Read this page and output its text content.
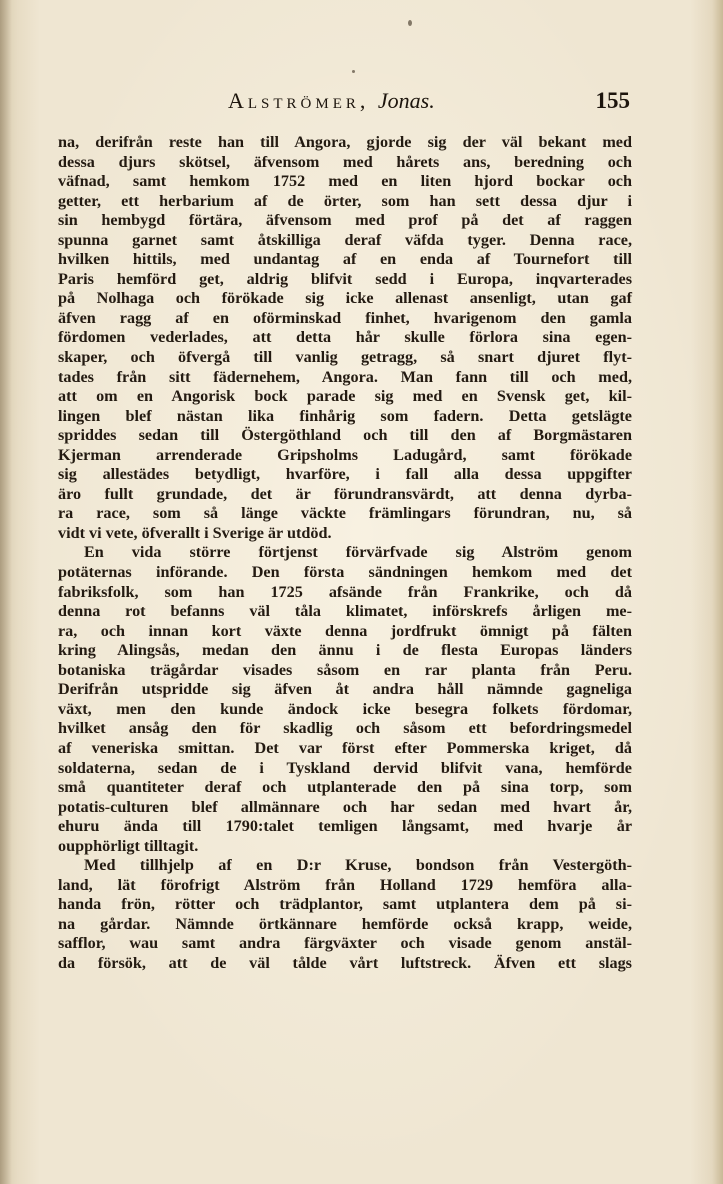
Alströmer, Jonas.	155
na, derifrån reste han till Angora, gjorde sig der väl bekant med
dessa djurs skötsel, äfvensom med hårets ans, beredning och
väfnad, samt hemkom 1752 med en liten hjord bockar och
getter, ett herbarium af de örter, som han sett dessa djur i
sin hembygd förtära, äfvensom med prof på det af raggen
spunna garnet samt åtskilliga deraf väfda tyger. Denna race,
hvilken hittils, med undantag af en enda af Tournefort till
Paris hemförd get, aldrig blifvit sedd i Europa, inqvarterades
på Nolhaga och förökade sig icke allenast ansenligt, utan gaf
äfven ragg af en oförminskad finhet, hvarigenom den gamla
fördomen vederlades, att detta hår skulle förlora sina egen-
skaper, och öfvergå till vanlig getragg, så snart djuret flyt-
tades från sitt fädernehem, Angora. Man fann till och med,
att om en Angorisk bock parade sig med en Svensk get, kil-
lingen blef nästan lika finhårig som fadern. Detta getslägte
spriddes sedan till Östergöthland och till den af Borgmästaren
Kjerman arrenderade Gripsholms Ladugård, samt förökade
sig allestädes betydligt, hvarföre, i fall alla dessa uppgifter
äro fullt grundade, det är förundransvärdt, att denna dyrba-
ra race, som så länge väckte främlingars förundran, nu, så
vidt vi vete, öfverallt i Sverige är utdöd.
En vida större förtjenst förvärfvade sig Alström genom
potäternas införande. Den första sändningen hemkom med det
fabriksfolk, som han 1725 afsände från Frankrike, och då
denna rot befanns väl tåla klimatet, införskrefs årligen me-
ra, och innan kort växte denna jordfrukt ömnigt på fälten
kring Alingsås, medan den ännu i de flesta Europas länders
botaniska trägårdar visades såsom en rar planta från Peru.
Derifrån utspridde sig äfven åt andra håll nämnde gagneliga
växt, men den kunde ändock icke besegra folkets fördomar,
hvilket ansåg den för skadlig och såsom ett befordringsmedel
af veneriska smittan. Det var först efter Pommerska kriget, då
soldaterna, sedan de i Tyskland dervid blifvit vana, hemförde
små quantiteter deraf och utplanterade den på sina torp, som
potatis-culturen blef allmännare och har sedan med hvart år,
ehuru ända till 1790:talet temligen långsamt, med hvarje år
oupphörligt tilltagit.
Med tillhjelp af en D:r Kruse, bondson från Vestergöth-
land, lät förofrigt Alström från Holland 1729 hemföra alla-
handa frön, rötter och trädplantor, samt utplantera dem på si-
na gårdar. Nämnde örtkännare hemförde också krapp, weide,
safflor, wau samt andra färgväxter och visade genom anstäl-
da försök, att de väl tålde vårt luftstreck. Äfven ett slags
